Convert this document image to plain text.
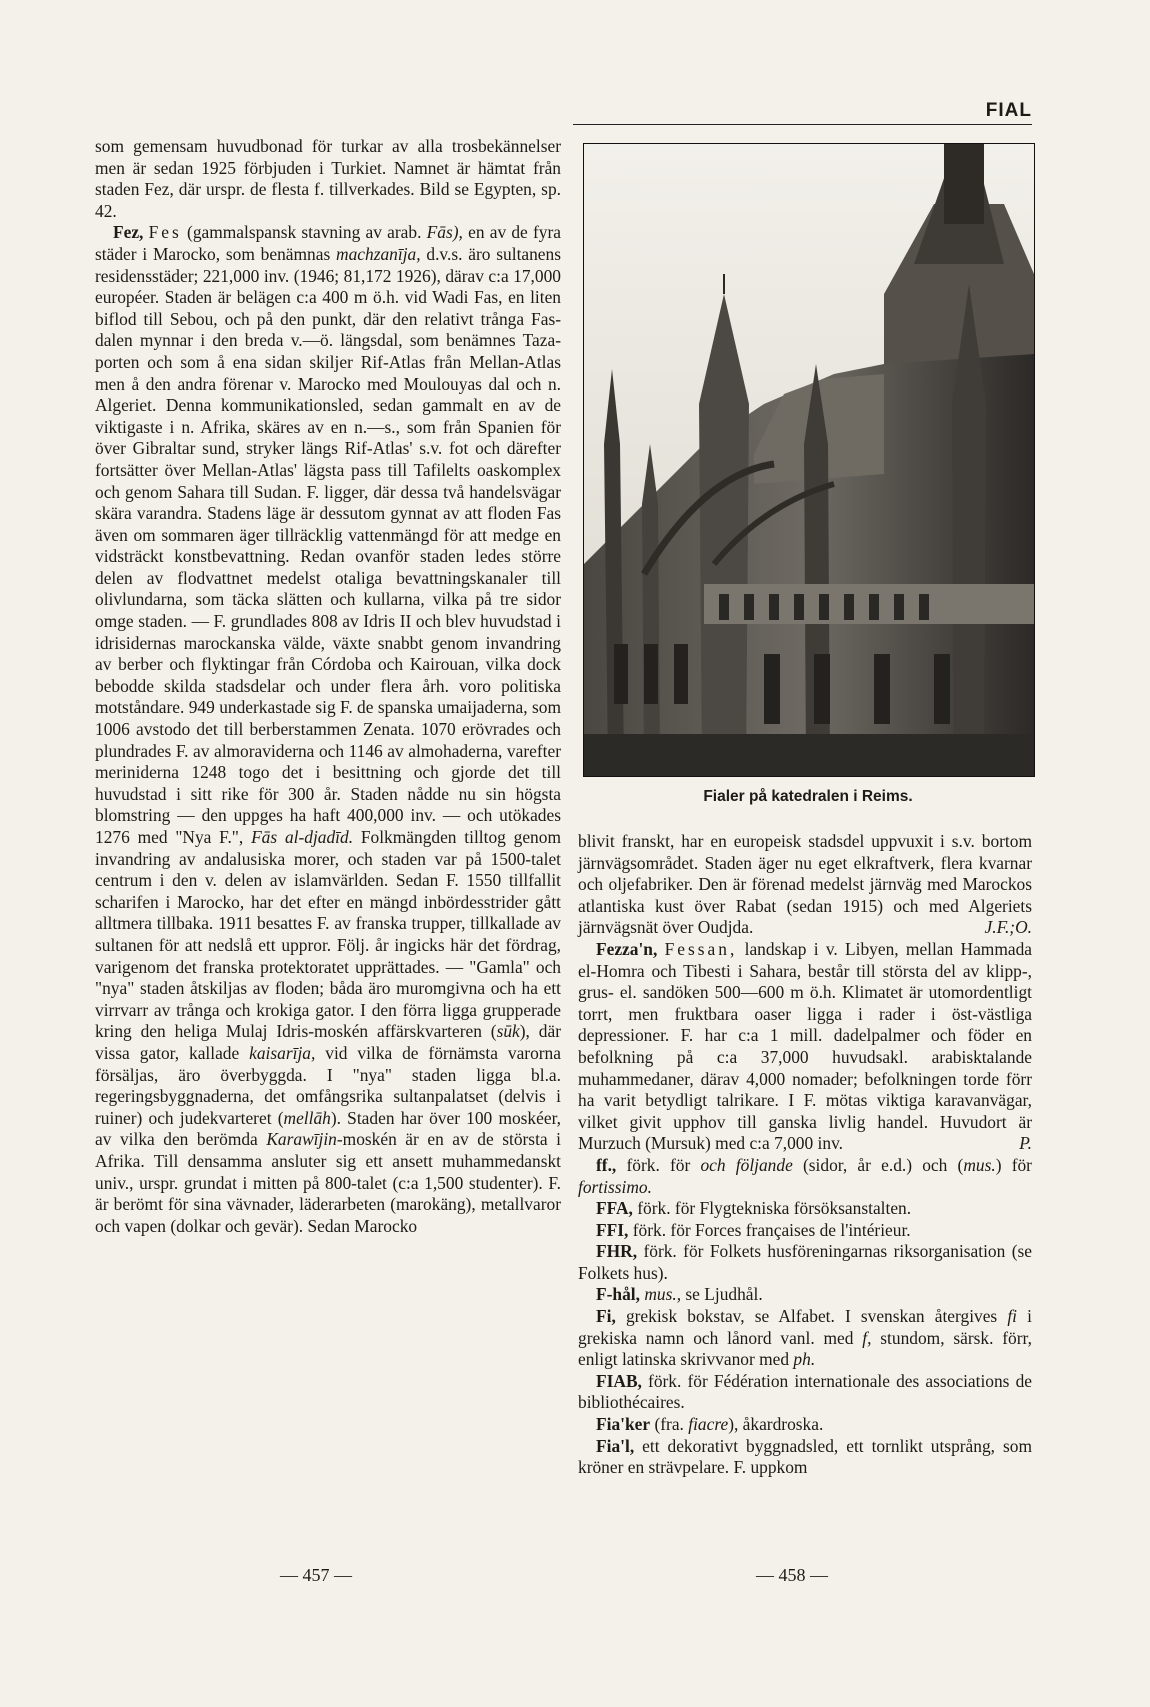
FIAL

som gemensam huvudbonad för turkar av alla trosbekännelser men är sedan 1925 förbjuden i Turkiet. Namnet är hämtat från staden Fez, där urspr. de flesta f. tillverkades. Bild se Egypten, sp. 42.

Fez, Fes (gammalspansk stavning av arab. Fās), en av de fyra städer i Marocko, som benämnas machzanīja, d.v.s. äro sultanens residensstäder; 221,000 inv. (1946; 81,172 1926), därav c:a 17,000 européer. Staden är belägen c:a 400 m ö.h. vid Wadi Fas, en liten biflod till Sebou, och på den punkt, där den relativt trånga Fas-dalen mynnar i den breda v.—ö. längsdal, som benämnes Taza-porten och som å ena sidan skiljer Rif-Atlas från Mellan-Atlas men å den andra förenar v. Marocko med Moulouyas dal och n. Algeriet. Denna kommunikationsled, sedan gammalt en av de viktigaste i n. Afrika, skäres av en n.—s., som från Spanien för över Gibraltar sund, stryker längs Rif-Atlas' s.v. fot och därefter fortsätter över Mellan-Atlas' lägsta pass till Tafilelts oaskomplex och genom Sahara till Sudan. F. ligger, där dessa två handelsvägar skära varandra. Stadens läge är dessutom gynnat av att floden Fas även om sommaren äger tillräcklig vattenmängd för att medge en vidsträckt konstbevattning. Redan ovanför staden ledes större delen av flodvattnet medelst otaliga bevattningskanaler till olivlundarna, som täcka slätten och kullarna, vilka på tre sidor omge staden. — F. grundlades 808 av Idris II och blev huvudstad i idrisidernas marockanska välde, växte snabbt genom invandring av berber och flyktingar från Córdoba och Kairouan, vilka dock bebodde skilda stadsdelar och under flera årh. voro politiska motståndare. 949 underkastade sig F. de spanska umaijaderna, som 1006 avstodo det till berberstammen Zenata. 1070 erövrades och plundrades F. av almoraviderna och 1146 av almohaderna, varefter meriniderna 1248 togo det i besittning och gjorde det till huvudstad i sitt rike för 300 år. Staden nådde nu sin högsta blomstring — den uppges ha haft 400,000 inv. — och utökades 1276 med "Nya F.", Fās al-djadīd. Folkmängden tilltog genom invandring av andalusiska morer, och staden var på 1500-talet centrum i den v. delen av islamvärlden. Sedan F. 1550 tillfallit scharifen i Marocko, har det efter en mängd inbördesstrider gått alltmera tillbaka. 1911 besattes F. av franska trupper, tillkallade av sultanen för att nedslå ett uppror. Följ. år ingicks här det fördrag, varigenom det franska protektoratet upprättades. — "Gamla" och "nya" staden åtskiljas av floden; båda äro muromgivna och ha ett virrvarr av trånga och krokiga gator. I den förra ligga grupperade kring den heliga Mulaj Idris-moskén affärskvarteren (sūk), där vissa gator, kallade kaisarīja, vid vilka de förnämsta varorna försäljas, äro överbyggda. I "nya" staden ligga bl.a. regeringsbyggnaderna, det omfångsrika sultanpalatset (delvis i ruiner) och judekvarteret (mellāh). Staden har över 100 moskéer, av vilka den berömda Karawījin-moskén är en av de största i Afrika. Till densamma ansluter sig ett ansett muhammedanskt univ., urspr. grundat i mitten på 800-talet (c:a 1,500 studenter). F. är berömt för sina vävnader, läderarbeten (marokäng), metallvaror och vapen (dolkar och gevär). Sedan Marocko

Fialer på katedralen i Reims.

blivit franskt, har en europeisk stadsdel uppvuxit i s.v. bortom järnvägsområdet. Staden äger nu eget elkraftverk, flera kvarnar och oljefabriker. Den är förenad medelst järnväg med Marockos atlantiska kust över Rabat (sedan 1915) och med Algeriets järnvägsnät över Oudjda.	J.F.;O.

Fezza'n, Fessan, landskap i v. Libyen, mellan Hammada el-Homra och Tibesti i Sahara, består till största del av klipp-, grus- el. sandöken 500—600 m ö.h. Klimatet är utomordentligt torrt, men fruktbara oaser ligga i rader i öst-västliga depressioner. F. har c:a 1 mill. dadelpalmer och föder en befolkning på c:a 37,000 huvudsakl. arabisktalande muhammedaner, därav 4,000 nomader; befolkningen torde förr ha varit betydligt talrikare. I F. mötas viktiga karavanvägar, vilket givit upphov till ganska livlig handel. Huvudort är Murzuch (Mursuk) med c:a 7,000 inv.	P.

ff., förk. för och följande (sidor, år e.d.) och (mus.) för fortissimo.

FFA, förk. för Flygtekniska försöksanstalten.

FFI, förk. för Forces françaises de l'intérieur.

FHR, förk. för Folkets husföreningarnas riksorganisation (se Folkets hus).

F-hål, mus., se Ljudhål.

Fi, grekisk bokstav, se Alfabet. I svenskan återgives fi i grekiska namn och lånord vanl. med f, stundom, särsk. förr, enligt latinska skrivvanor med ph.

FIAB, förk. för Fédération internationale des associations de bibliothécaires.

Fia'ker (fra. fiacre), åkardroska.

Fia'l, ett dekorativt byggnadsled, ett tornlikt utsprång, som kröner en strävpelare. F. uppkom

— 457 —	— 458 —
